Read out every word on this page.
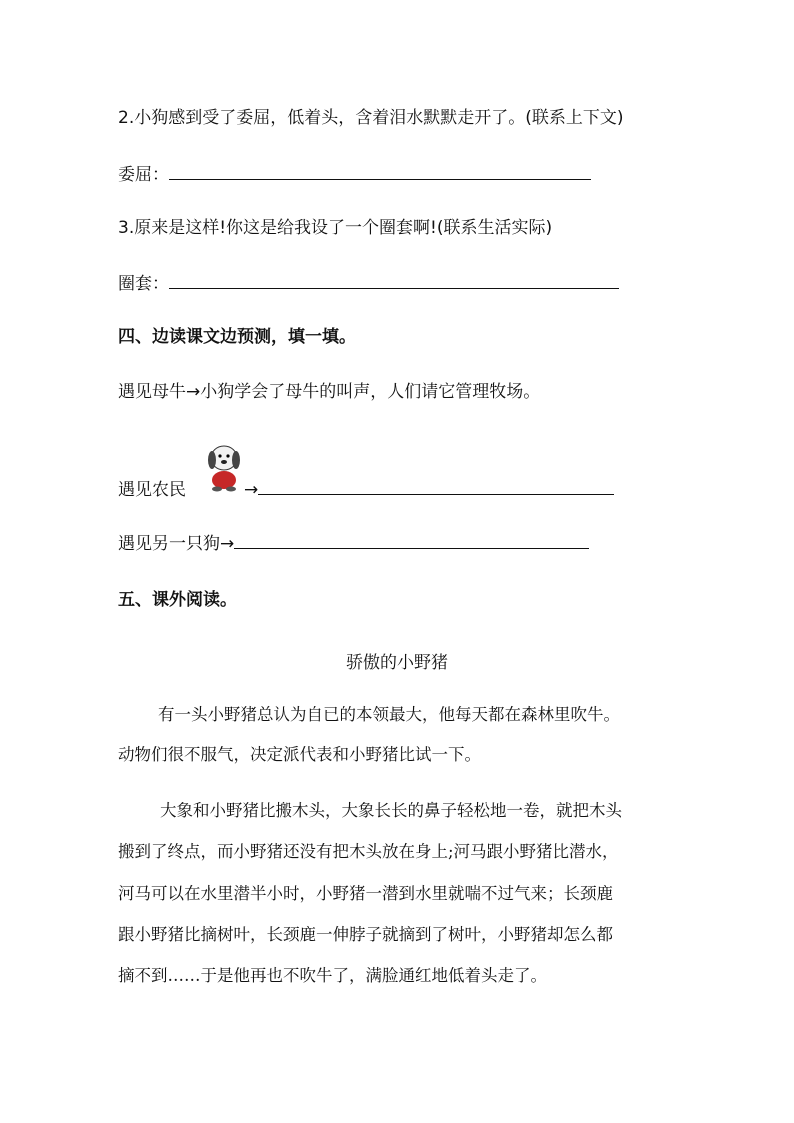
2.小狗感到受了委屈，低着头，含着泪水默默走开了。(联系上下文)
委屈：
3.原来是这样!你这是给我设了一个圈套啊!(联系生活实际)
圈套：
四、边读课文边预测，填一填。
遇见母牛→小狗学会了母牛的叫声，人们请它管理牧场。
遇见农民	→
遇见另一只狗→
五、课外阅读。
骄傲的小野猪
有一头小野猪总认为自已的本领最大，他每天都在森林里吹牛。
动物们很不服气，决定派代表和小野猪比试一下。
大象和小野猪比搬木头，大象长长的鼻子轻松地一卷，就把木头
搬到了终点，而小野猪还没有把木头放在身上;河马跟小野猪比潜水，
河马可以在水里潜半小时，小野猪一潜到水里就喘不过气来；长颈鹿
跟小野猪比摘树叶，长颈鹿一伸脖子就摘到了树叶，小野猪却怎么都
摘不到……于是他再也不吹牛了，满脸通红地低着头走了。
